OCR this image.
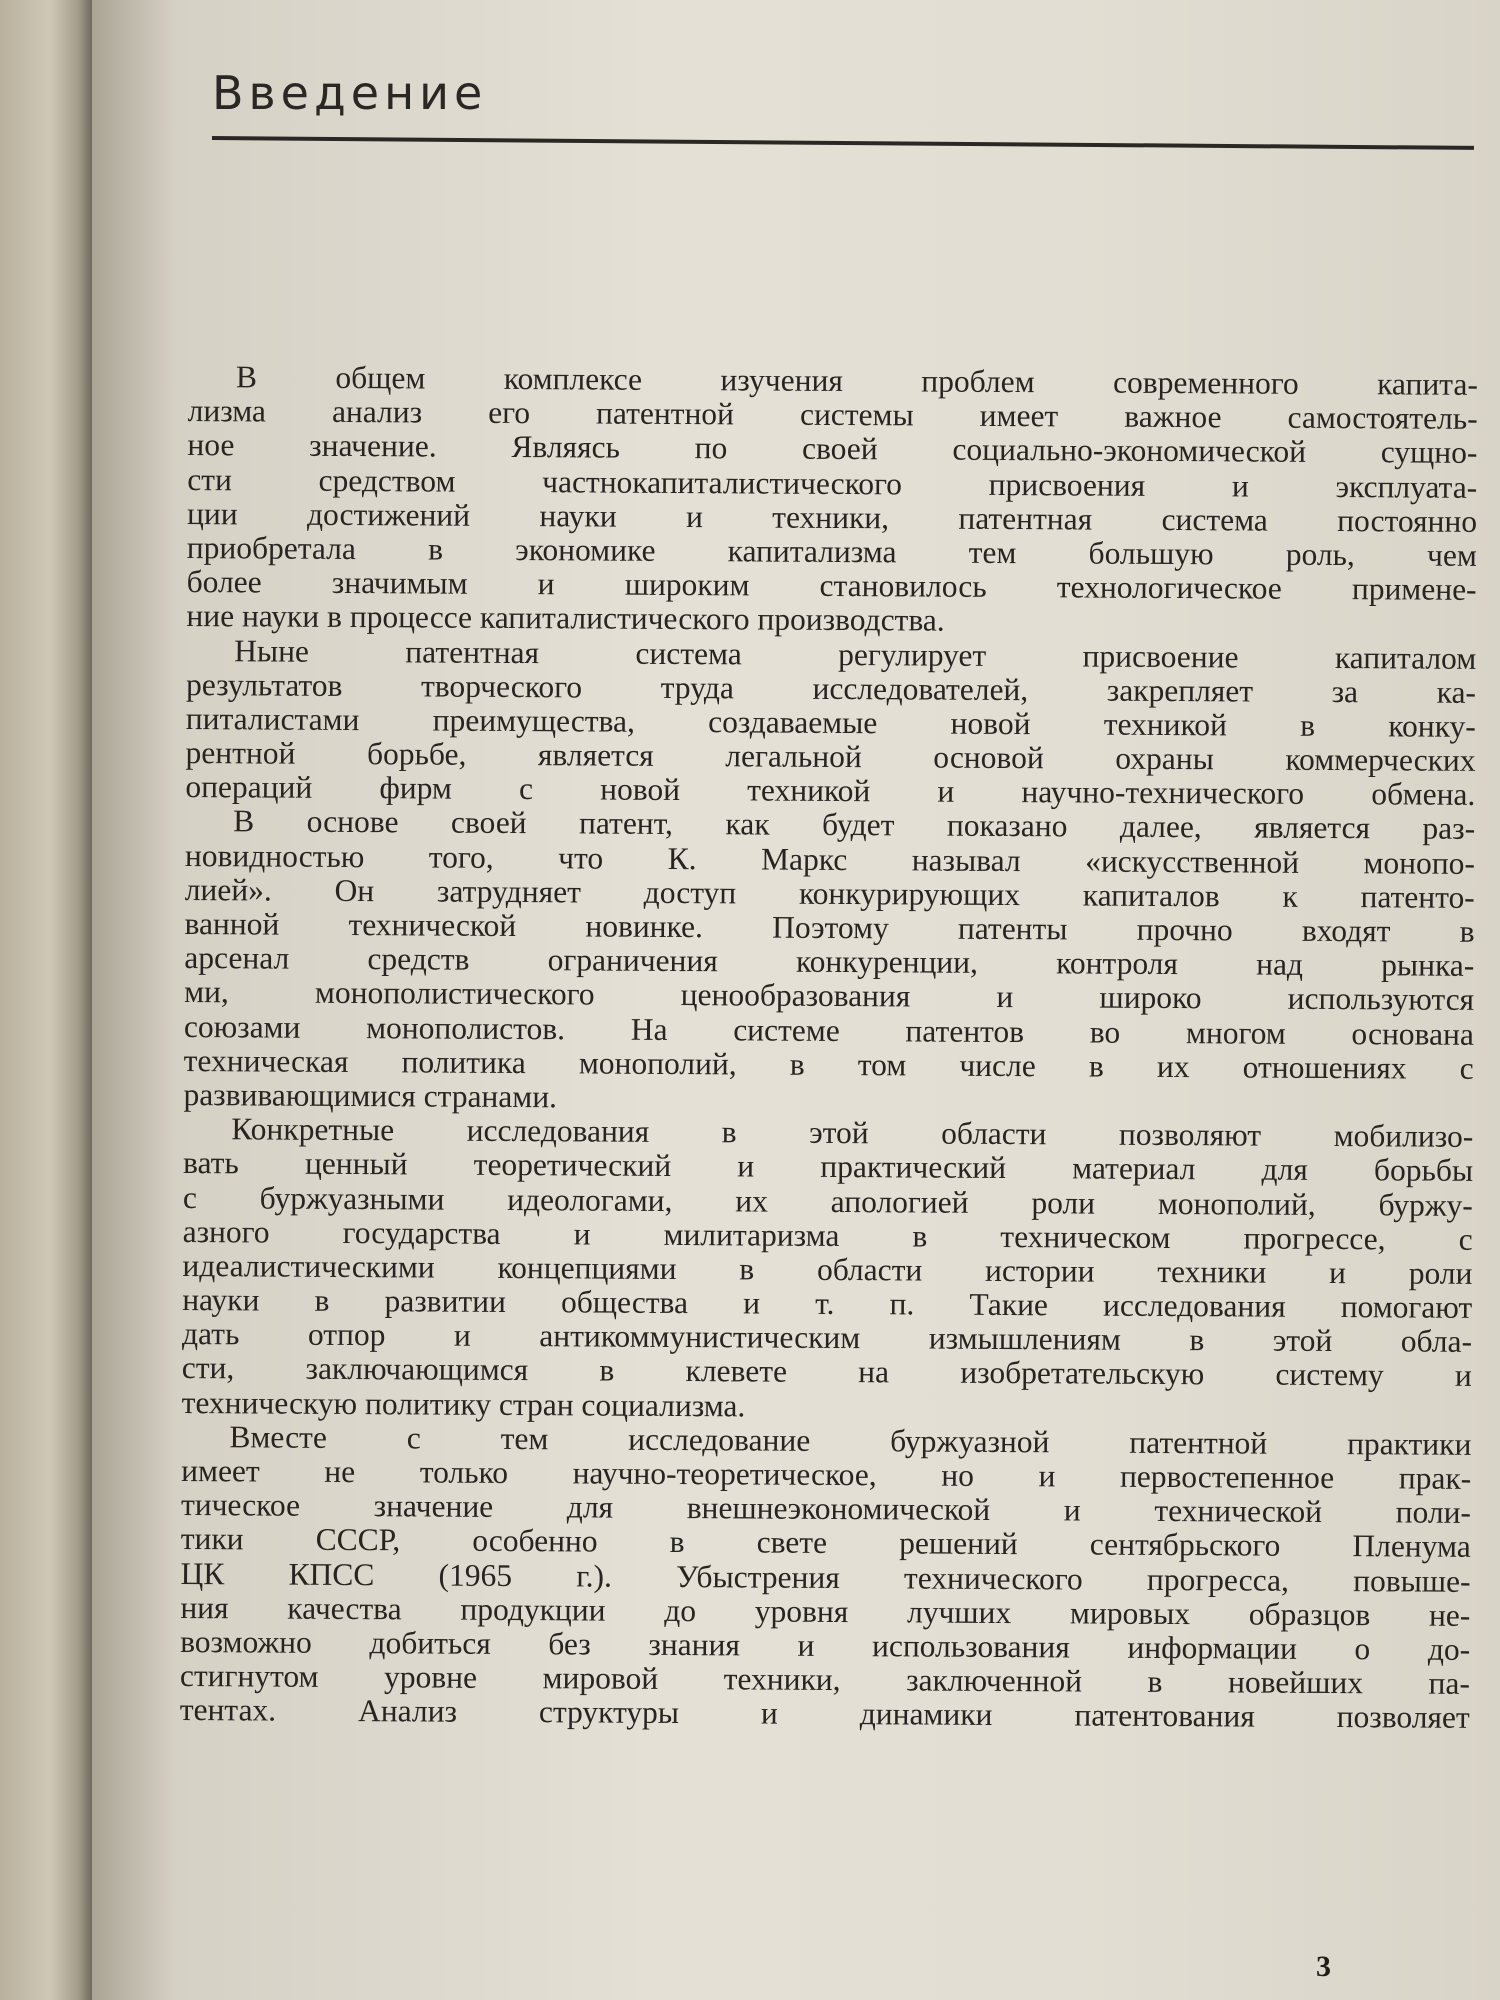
Введение
В общем комплексе изучения проблем современного капита-
лизма анализ его патентной системы имеет важное самостоятель-
ное значение. Являясь по своей социально-экономической сущно-
сти средством частнокапиталистического присвоения и эксплуата-
ции достижений науки и техники, патентная система постоянно
приобретала в экономике капитализма тем большую роль, чем
более значимым и широким становилось технологическое примене-
ние науки в процессе капиталистического производства.
Ныне патентная система регулирует присвоение капиталом
результатов творческого труда исследователей, закрепляет за ка-
питалистами преимущества, создаваемые новой техникой в конку-
рентной борьбе, является легальной основой охраны коммерческих
операций фирм с новой техникой и научно-технического обмена.
В основе своей патент, как будет показано далее, является раз-
новидностью того, что К. Маркс называл «искусственной монопо-
лией». Он затрудняет доступ конкурирующих капиталов к патенто-
ванной технической новинке. Поэтому патенты прочно входят в
арсенал средств ограничения конкуренции, контроля над рынка-
ми, монополистического ценообразования и широко используются
союзами монополистов. На системе патентов во многом основана
техническая политика монополий, в том числе в их отношениях с
развивающимися странами.
Конкретные исследования в этой области позволяют мобилизо-
вать ценный теоретический и практический материал для борьбы
с буржуазными идеологами, их апологией роли монополий, буржу-
азного государства и милитаризма в техническом прогрессе, с
идеалистическими концепциями в области истории техники и роли
науки в развитии общества и т. п. Такие исследования помогают
дать отпор и антикоммунистическим измышлениям в этой обла-
сти, заключающимся в клевете на изобретательскую систему и
техническую политику стран социализма.
Вместе с тем исследование буржуазной патентной практики
имеет не только научно-теоретическое, но и первостепенное прак-
тическое значение для внешнеэкономической и технической поли-
тики СССР, особенно в свете решений сентябрьского Пленума
ЦК КПСС (1965 г.). Убыстрения технического прогресса, повыше-
ния качества продукции до уровня лучших мировых образцов не-
возможно добиться без знания и использования информации о до-
стигнутом уровне мировой техники, заключенной в новейших па-
тентах. Анализ структуры и динамики патентования позволяет
3
